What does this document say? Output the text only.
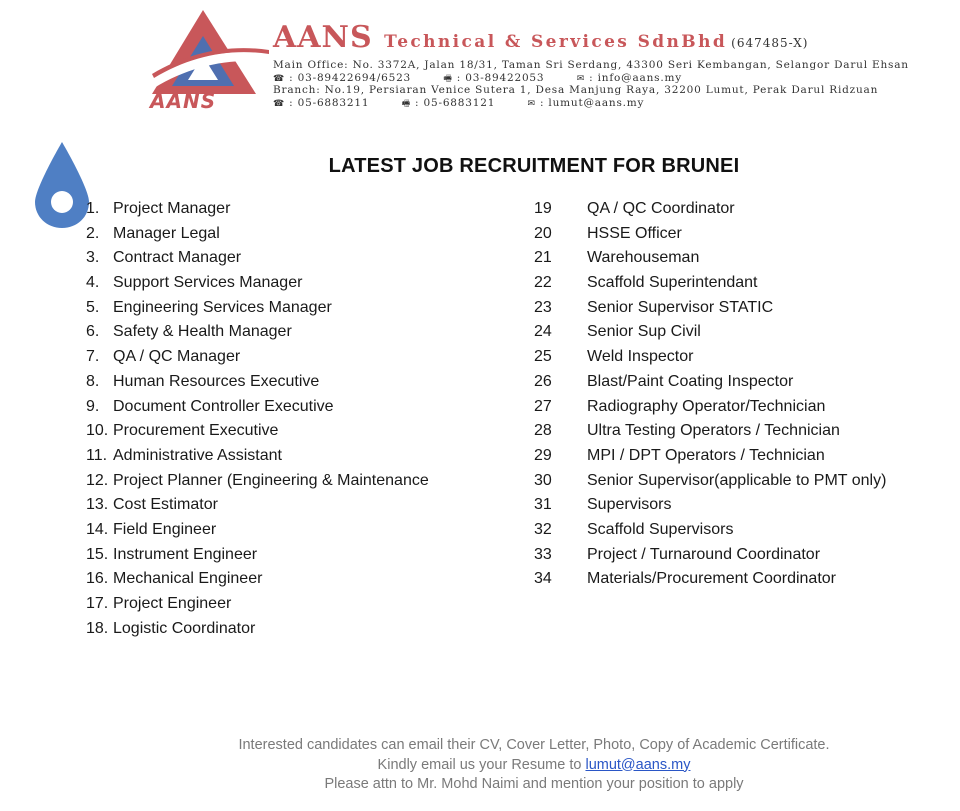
AANS
AANS Technical & Services SdnBhd (647485-X)
Main Office: No. 3372A, Jalan 18/31, Taman Sri Serdang, 43300 Seri Kembangan, Selangor Darul Ehsan
☎ : 03-89422694/6523	🖷 : 03-89422053	✉ : info@aans.my
Branch: No.19, Persiaran Venice Sutera 1, Desa Manjung Raya, 32200 Lumut, Perak Darul Ridzuan
☎ : 05-6883211	🖷 : 05-6883121	✉ : lumut@aans.my
LATEST JOB RECRUITMENT FOR BRUNEI
1. Project Manager
2. Manager Legal
3. Contract Manager
4. Support Services Manager
5. Engineering Services Manager
6. Safety & Health Manager
7. QA / QC Manager
8. Human Resources Executive
9. Document Controller Executive
10. Procurement Executive
11. Administrative Assistant
12. Project Planner (Engineering & Maintenance
13. Cost Estimator
14. Field Engineer
15. Instrument Engineer
16. Mechanical Engineer
17. Project Engineer
18. Logistic Coordinator
19 QA / QC Coordinator
20 HSSE Officer
21 Warehouseman
22 Scaffold Superintendant
23 Senior Supervisor STATIC
24 Senior Sup Civil
25 Weld Inspector
26 Blast/Paint Coating Inspector
27 Radiography Operator/Technician
28 Ultra Testing Operators / Technician
29 MPI / DPT Operators / Technician
30 Senior Supervisor(applicable to PMT only)
31 Supervisors
32 Scaffold Supervisors
33 Project / Turnaround Coordinator
34 Materials/Procurement Coordinator
Interested candidates can email their CV, Cover Letter, Photo, Copy of Academic Certificate.
Kindly email us your Resume to lumut@aans.my
Please attn to Mr. Mohd Naimi and mention your position to apply
